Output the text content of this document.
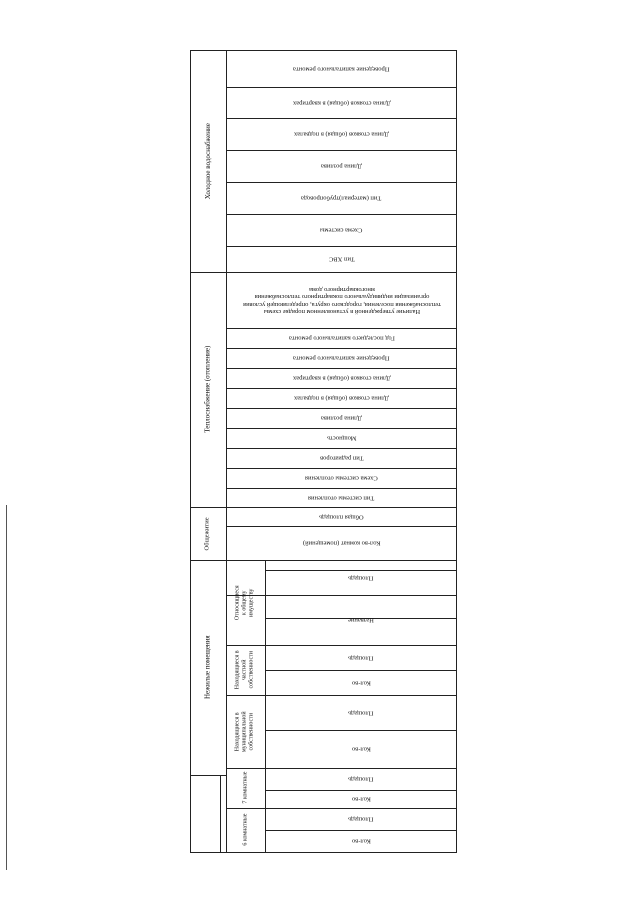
Холодное водоснабжение
Теплоснабжение (отопление)
Общежитие
Нежилые помещения
7 комнатные
6 комнатные
Относящиеся к общему имуществу
Находящиеся в частной собственности
Находящиеся в муниципальной собственности
Проведение капитального ремонта
Длина стояков (общая) в квартирах
Длина стояков (общая) в подвалах
Длина розлива
Тип (материал)трубопровода
Схема системы
Тип ХВС
Наличие утвержденной в установленном порядке схемы теплоснабжения поселения, городского округа, определяющей условия организации индивидуального поквартирного теплоснабжения многоквартирного дома
Год последнего капитального ремонта
Проведение капитального ремонта
Длина стояков (общая) в квартирах
Длина стояков (общая) в подвалах
Длина розлива
Мощность
Тип радиаторов
Схема системы отопления
Тип системы отопления
Общая площадь
Кол-во комнат (помещений)
Площадь
Название
Площадь
Кол-во
Площадь
Кол-во
Площадь
Кол-во
Площадь
Кол-во
